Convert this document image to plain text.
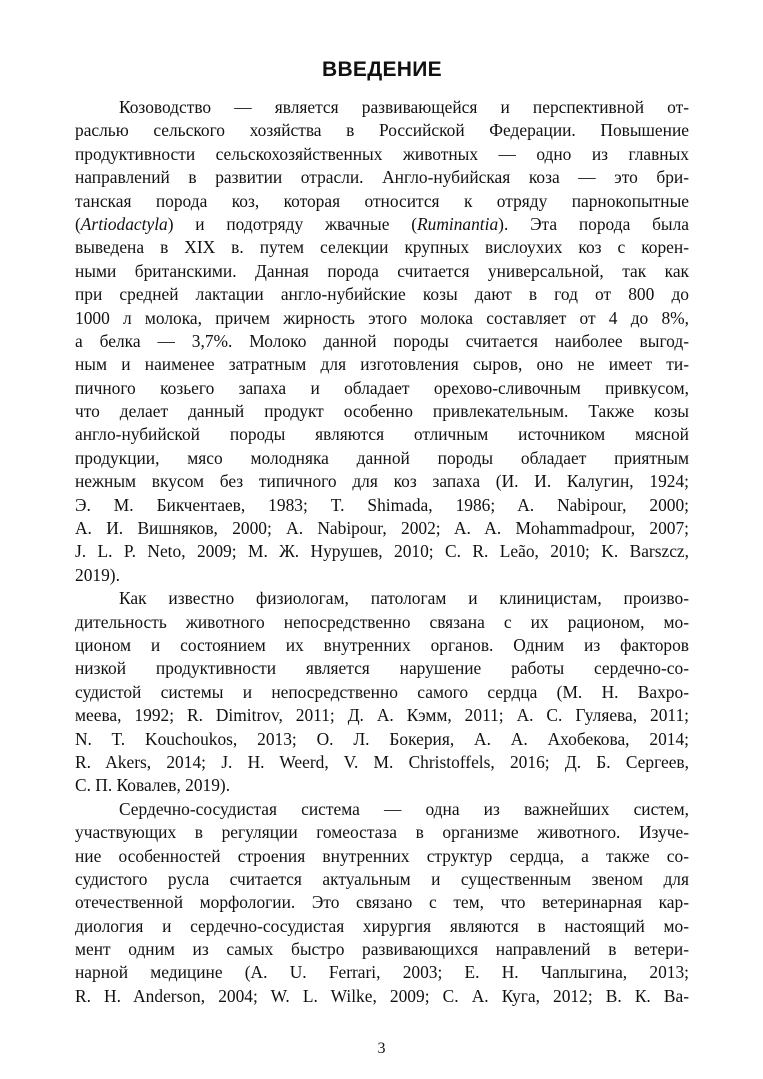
ВВЕДЕНИЕ
Козоводство — является развивающейся и перспективной от-
раслью сельского хозяйства в Российской Федерации. Повышение
продуктивности сельскохозяйственных животных — одно из главных
направлений в развитии отрасли. Англо-нубийская коза — это бри-
танская порода коз, которая относится к отряду парнокопытные
(Artiodactyla) и подотряду жвачные (Ruminantia). Эта порода была
выведена в XIX в. путем селекции крупных вислоухих коз с корен-
ными британскими. Данная порода считается универсальной, так как
при средней лактации англо-нубийские козы дают в год от 800 до
1000 л молока, причем жирность этого молока составляет от 4 до 8%,
а белка — 3,7%. Молоко данной породы считается наиболее выгод-
ным и наименее затратным для изготовления сыров, оно не имеет ти-
пичного козьего запаха и обладает орехово-сливочным привкусом,
что делает данный продукт особенно привлекательным. Также козы
англо-нубийской породы являются отличным источником мясной
продукции, мясо молодняка данной породы обладает приятным
нежным вкусом без типичного для коз запаха (И. И. Калугин, 1924;
Э. М. Бикчентаев, 1983; T. Shimada, 1986; A. Nabipour, 2000;
А. И. Вишняков, 2000; A. Nabipour, 2002; A. A. Mohammadpour, 2007;
J. L. P. Neto, 2009; М. Ж. Нурушев, 2010; C. R. Leão, 2010; K. Barszcz,
2019).
Как известно физиологам, патологам и клиницистам, произво-
дительность животного непосредственно связана с их рационом, мо-
ционом и состоянием их внутренних органов. Одним из факторов
низкой продуктивности является нарушение работы сердечно-со-
судистой системы и непосредственно самого сердца (М. Н. Вахро-
меева, 1992; R. Dimitrov, 2011; Д. А. Кэмм, 2011; А. С. Гуляева, 2011;
N. T. Kouchoukos, 2013; О. Л. Бокерия, А. А. Ахобекова, 2014;
R. Akers, 2014; J. H. Weerd, V. M. Christoffels, 2016; Д. Б. Сергеев,
С. П. Ковалев, 2019).
Сердечно-сосудистая система — одна из важнейших систем,
участвующих в регуляции гомеостаза в организме животного. Изуче-
ние особенностей строения внутренних структур сердца, а также со-
судистого русла считается актуальным и существенным звеном для
отечественной морфологии. Это связано с тем, что ветеринарная кар-
диология и сердечно-сосудистая хирургия являются в настоящий мо-
мент одним из самых быстро развивающихся направлений в ветери-
нарной медицине (A. U. Ferrari, 2003; Е. Н. Чаплыгина, 2013;
R. H. Anderson, 2004; W. L. Wilke, 2009; С. А. Куга, 2012; В. К. Ва-
3
